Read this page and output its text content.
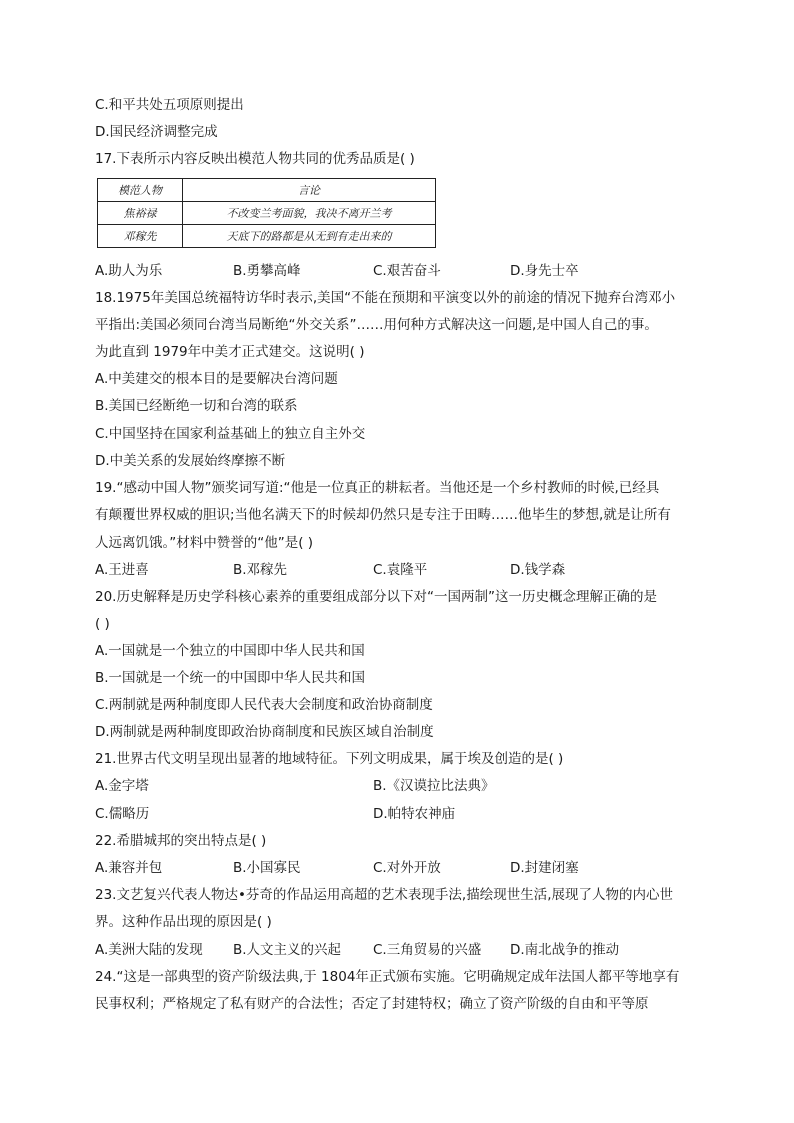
C.和平共处五项原则提出
D.国民经济调整完成
17.下表所示内容反映出模范人物共同的优秀品质是( )
模范人物	言论
焦裕禄	不改变兰考面貌，我决不离开兰考
邓稼先	天底下的路都是从无到有走出来的
A.助人为乐	B.勇攀高峰	C.艰苦奋斗	D.身先士卒
18.1975年美国总统福特访华时表示,美国“不能在预期和平演变以外的前途的情况下抛弃台湾邓小
平指出:美国必须同台湾当局断绝“外交关系”……用何种方式解决这一问题,是中国人自己的事。
为此直到 1979年中美才正式建交。这说明( )
A.中美建交的根本目的是要解决台湾问题
B.美国已经断绝一切和台湾的联系
C.中国坚持在国家利益基础上的独立自主外交
D.中美关系的发展始终摩擦不断
19.“感动中国人物”颁奖词写道:“他是一位真正的耕耘者。当他还是一个乡村教师的时候,已经具
有颠覆世界权威的胆识;当他名满天下的时候却仍然只是专注于田畴……他毕生的梦想,就是让所有
人远离饥饿。”材料中赞誉的“他”是( )
A.王进喜	B.邓稼先	C.袁隆平	D.钱学森
20.历史解释是历史学科核心素养的重要组成部分以下对“一国两制”这一历史概念理解正确的是
( )
A.一国就是一个独立的中国即中华人民共和国
B.一国就是一个统一的中国即中华人民共和国
C.两制就是两种制度即人民代表大会制度和政治协商制度
D.两制就是两种制度即政治协商制度和民族区域自治制度
21.世界古代文明呈现出显著的地域特征。下列文明成果，属于埃及创造的是( )
A.金字塔	B.《汉谟拉比法典》
C.儒略历	D.帕特农神庙
22.希腊城邦的突出特点是( )
A.兼容并包	B.小国寡民	C.对外开放	D.封建闭塞
23.文艺复兴代表人物达•芬奇的作品运用高超的艺术表现手法,描绘现世生活,展现了人物的内心世
界。这种作品出现的原因是( )
A.美洲大陆的发现 B.人文主义的兴起 C.三角贸易的兴盛 D.南北战争的推动
24.“这是一部典型的资产阶级法典,于 1804年正式颁布实施。它明确规定成年法国人都平等地享有
民事权利；严格规定了私有财产的合法性；否定了封建特权；确立了资产阶级的自由和平等原
